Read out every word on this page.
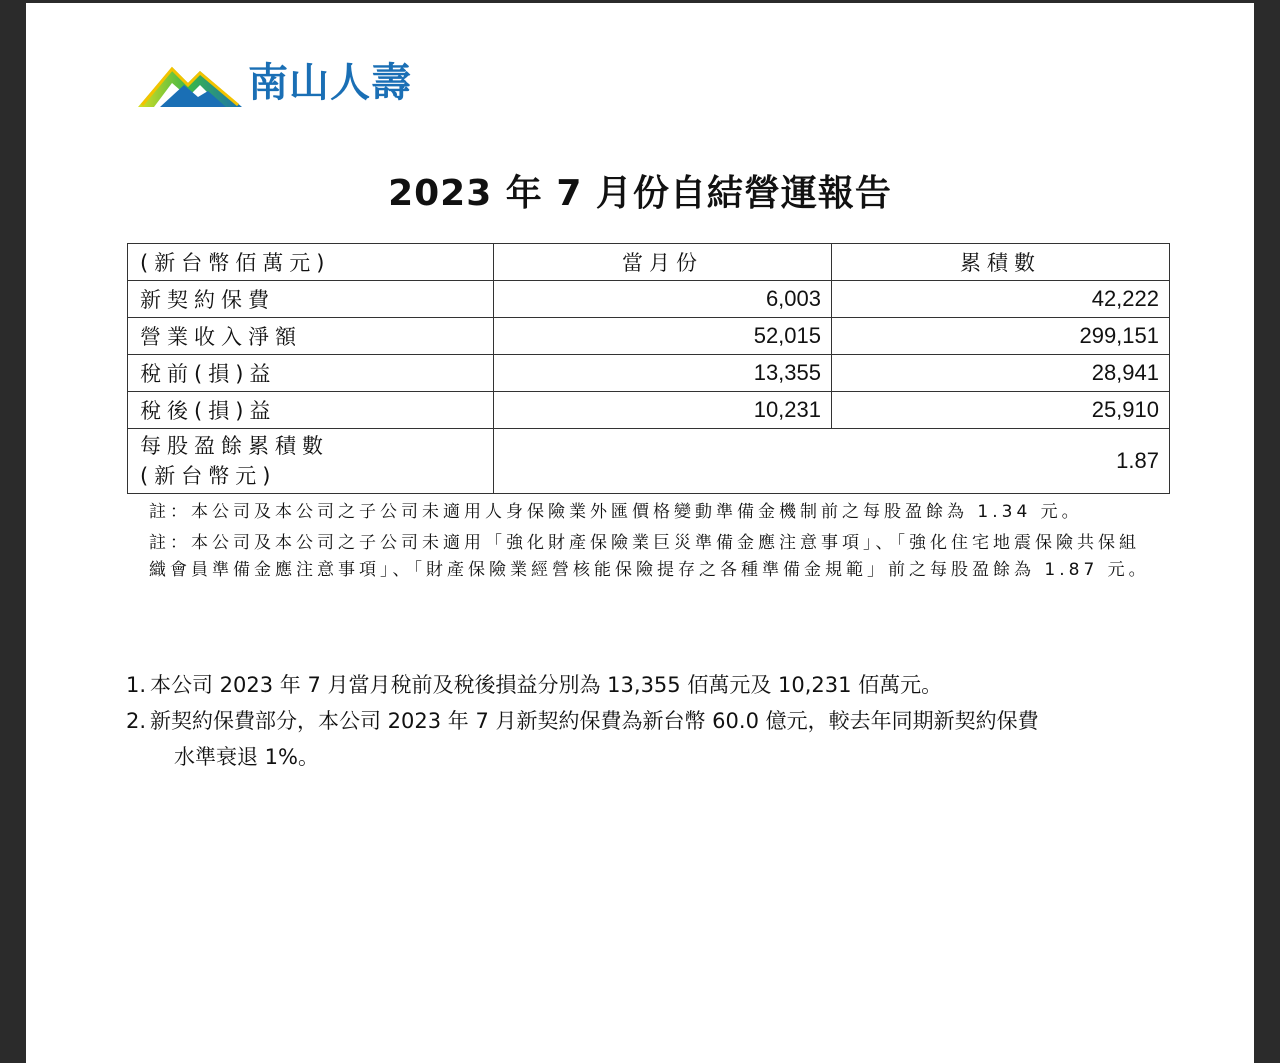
南山人壽
2023 年 7 月份自結營運報告
(新台幣佰萬元)	當月份	累積數
新契約保費	6,003	42,222
營業收入淨額	52,015	299,151
稅前(損)益	13,355	28,941
稅後(損)益	10,231	25,910

每股盈餘累積數
(新台幣元)	1.87	

註：本公司及本公司之子公司未適用人身保險業外匯價格變動準備金機制前之每股盈餘為 1.34 元。

註：本公司及本公司之子公司未適用「強化財產保險業巨災準備金應注意事項」、「強化住宅地震保險共保組織會員準備金應注意事項」、「財產保險業經營核能保險提存之各種準備金規範」前之每股盈餘為 1.87 元。

1. 本公司 2023 年 7 月當月稅前及稅後損益分別為 13,355 佰萬元及 10,231 佰萬元。
2. 新契約保費部分，本公司 2023 年 7 月新契約保費為新台幣 60.0 億元，較去年同期新契約保費
水準衰退 1%。
